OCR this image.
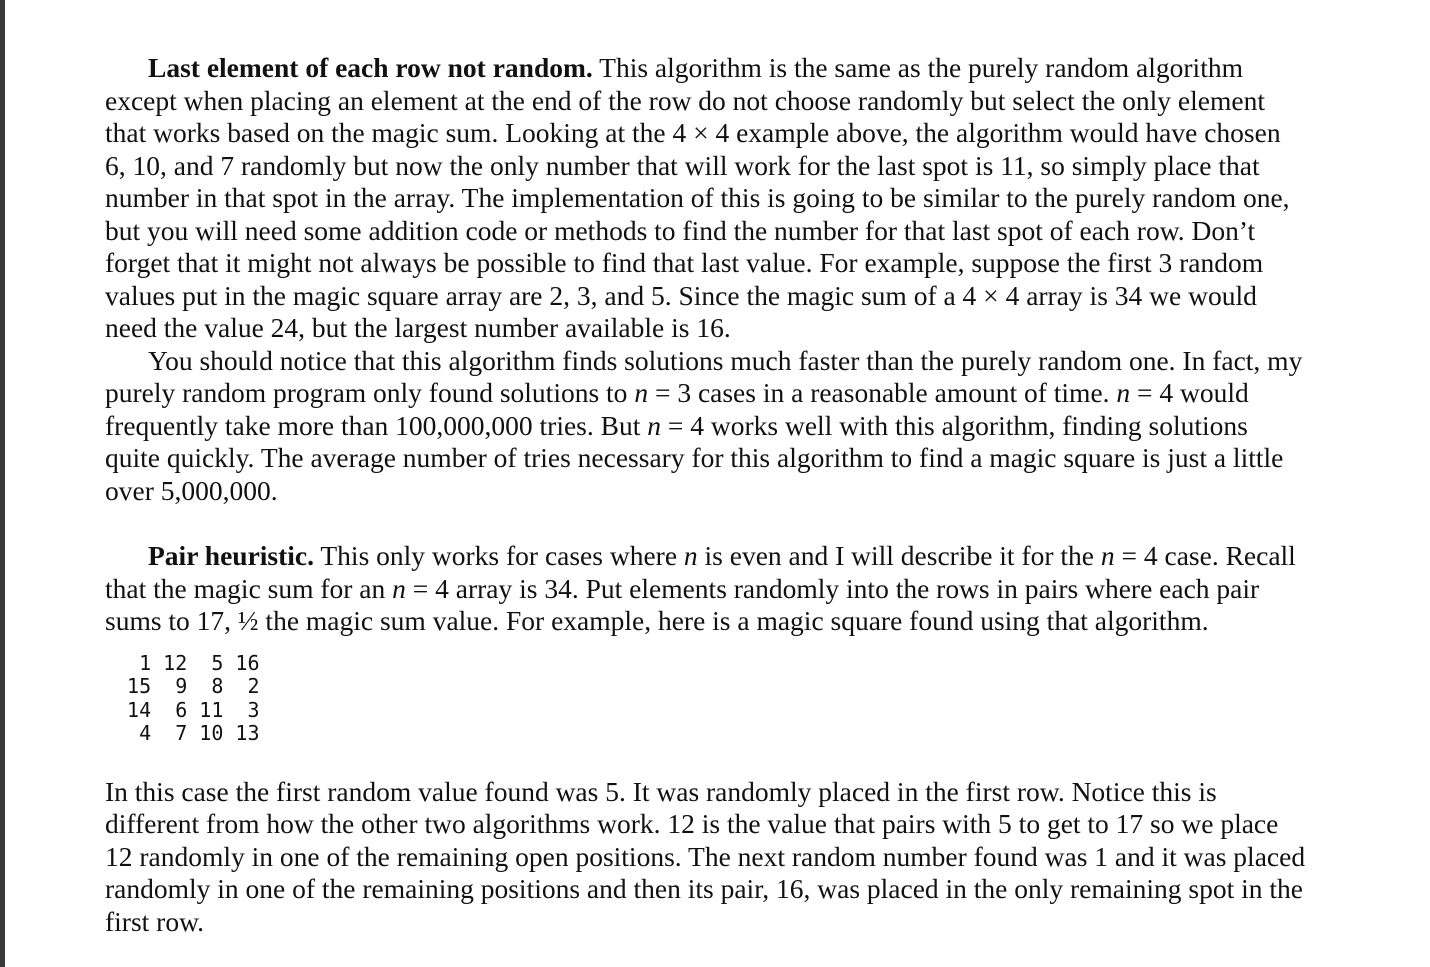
Last element of each row not random. This algorithm is the same as the purely random algorithm
except when placing an element at the end of the row do not choose randomly but select the only element
that works based on the magic sum. Looking at the 4 × 4 example above, the algorithm would have chosen
6, 10, and 7 randomly but now the only number that will work for the last spot is 11, so simply place that
number in that spot in the array. The implementation of this is going to be similar to the purely random one,
but you will need some addition code or methods to find the number for that last spot of each row. Don’t
forget that it might not always be possible to find that last value. For example, suppose the first 3 random
values put in the magic square array are 2, 3, and 5. Since the magic sum of a 4 × 4 array is 34 we would
need the value 24, but the largest number available is 16.

You should notice that this algorithm finds solutions much faster than the purely random one. In fact, my
purely random program only found solutions to n = 3 cases in a reasonable amount of time. n = 4 would
frequently take more than 100,000,000 tries. But n = 4 works well with this algorithm, finding solutions
quite quickly. The average number of tries necessary for this algorithm to find a magic square is just a little
over 5,000,000.

Pair heuristic. This only works for cases where n is even and I will describe it for the n = 4 case. Recall
that the magic sum for an n = 4 array is 34. Put elements randomly into the rows in pairs where each pair
sums to 17, ½ the magic sum value. For example, here is a magic square found using that algorithm.

1 12  5 16
15  9  8  2
14  6 11  3
4  7 10 13

In this case the first random value found was 5. It was randomly placed in the first row. Notice this is
different from how the other two algorithms work. 12 is the value that pairs with 5 to get to 17 so we place
12 randomly in one of the remaining open positions. The next random number found was 1 and it was placed
randomly in one of the remaining positions and then its pair, 16, was placed in the only remaining spot in the
first row.
